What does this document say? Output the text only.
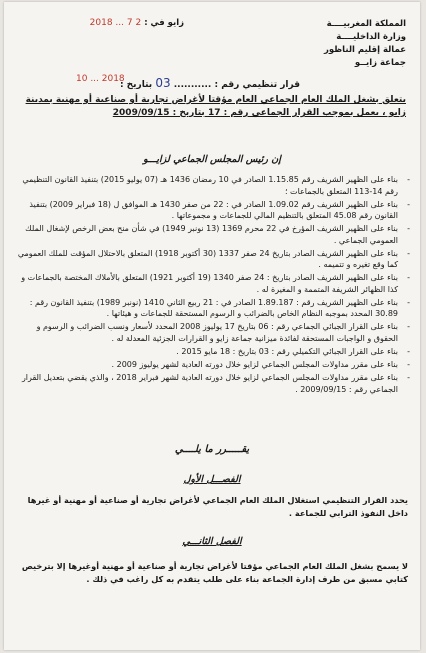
المملكة المغربيــــة
وزارة الداخليــــة
عمالة إقليم الناظور
جماعة زايــو
زايو في : 2 7 ... 2018
قرار تنظيمي رقم : ........... 03 بتاريخ :
10 ... 2018
يتعلق بشغل الملك العام الجماعي العام مؤقتا لأغراض تجارية أو صناعية أو مهنية بمدينة زايو ، يعمل بموجب القرار الجماعي رقم : 17 بتاريخ : 2009/09/15
إن رئيس المجلس الجماعي لزايـــو
-
بناء على الظهير الشريف رقم 1.15.85 الصادر في 10 رمضان 1436 هـ (07 يوليو 2015) بتنفيذ القانون التنظيمي رقم 14-113 المتعلق بالجماعات ؛
-
بناء على الظهير الشريف رقم 1.09.02 الصادر في : 22 من صفر 1430 هـ الموافق ل (18 فبراير 2009) بتنفيذ القانون رقم 45.08 المتعلق بالتنظيم المالي للجماعات و مجموعاتها .
-
بناء على الظهير الشريف المؤرخ في 22 محرم 1369 (13 نونبر 1949) في شأن منح بعض الرخص لإشغال الملك العمومي الجماعي .
-
بناء على الظهير الشريف الصادر بتاريخ 24 صفر 1337 (30 أكتوبر 1918) المتعلق بالاحتلال المؤقت للملك العمومي كما وقع تغيره و تتميمه .
-
بناء على الظهير الشريف الصادر بتاريخ : 24 صفر 1340 (19 أكتوبر 1921) المتعلق بالأملاك المختصة بالجماعات و كذا الظهائر الشريفة المتممة و المغيرة له .
-
بناء على الظهير الشريف رقم : 1.89.187 الصادر في : 21 ربيع الثاني 1410 (نونبر 1989) بتنفيذ القانون رقم : 30.89 المحدد بموجبه النظام الخاص بالضرائب و الرسوم المستحقة للجماعات و هيئاتها .
-
بناء على القرار الجبائي الجماعي رقم : 06 بتاريخ 17 يوليوز 2008 المحدد لأسعار ونسب الضرائب و الرسوم و الحقوق و الواجبات المستحقة لفائدة ميزانية جماعة زايو و القرارات الجزئية المعدلة له .
-
بناء على القرار الجبائي التكميلي رقم : 03 بتاريخ : 18 مايو 2015 .
-
بناء على مقرر مداولات المجلس الجماعي لزايو خلال دورته العادية لشهر يوليوز 2009 .
-
بناء على مقرر مداولات المجلس الجماعي لزايو خلال دورته العادية لشهر فبراير 2018 ، والذي يقضي بتعديل القرار الجماعي رقم : 2009/09/15 .
يقـــــرر ما يلــــي
الفصـــل الأول
يحدد القرار التنظيمي استغلال الملك العام الجماعي لأغراض تجارية أو صناعية أو مهنية أو غيرها داخل النفوذ الترابي للجماعة .
الفصل الثانـــي
لا يسمح بشغل الملك العام الجماعي مؤقتا لأغراض تجارية أو صناعية أو مهنية أوغيرها إلا بترخيص كتابي مسبق من طرف إدارة الجماعة بناء على طلب يتقدم به كل راغب في ذلك .
